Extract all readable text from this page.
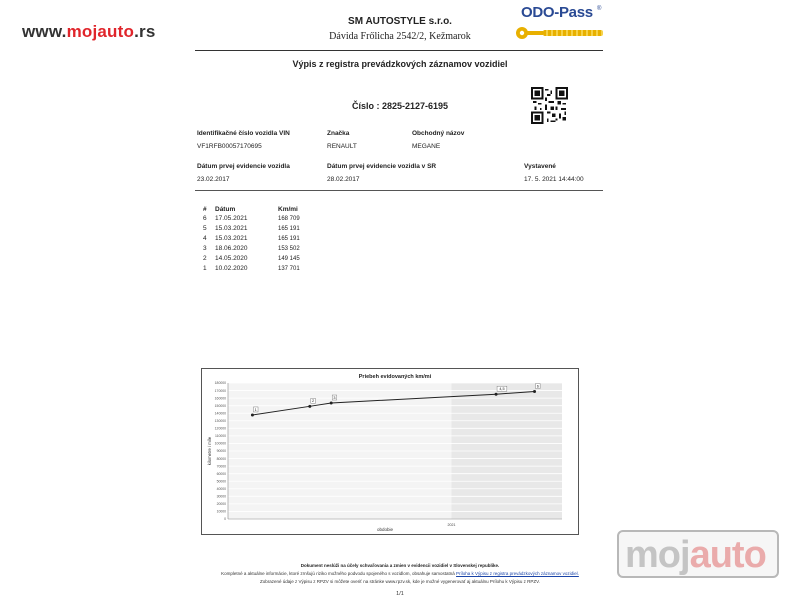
www.mojauto.rs
SM AUTOSTYLE s.r.o.
Dávida Frőlicha 2542/2, Kežmarok
ODO-Pass ®
Výpis z registra prevádzkových záznamov vozidiel
Číslo : 2825-2127-6195
Identifikačné číslo vozidla VIN
VF1RFB00057170695
Značka
RENAULT
Obchodný názov
MEGANE
Dátum prvej evidencie vozidla
23.02.2017
Dátum prvej evidencie vozidla v SR
28.02.2017
Vystavené
17. 5. 2021 14:44:00
#	Dátum	Km/mi
6	17.05.2021	168 709
5	15.03.2021	165 191
4	15.03.2021	165 191
3	18.06.2020	153 502
2	14.05.2020	149 145
1	10.02.2020	137 701
0
10000
20000
30000
40000
50000
60000
70000
80000
90000
100000
110000
120000
130000
140000
150000
160000
170000
180000
Priebeh evidovaných km/mi
obdobie
kilometre / míle
2021
1
2
3
4,5
6
Dokument nesl​úži na účely schvaľovania a zmien v evidencii vozidiel v Slovenskej republike.
Kompletné a aktuálne informácie, ktoré zrnšujú riziko možného podvodu spojeného s vozidlom, obsahuje samostatná Príloha k Výpisu z registra prevádzkových záznamov vozidiel.
Zobrazené údaje z Výpisu z RPZV si môžete overiť na stránke www.rpzv.sk, kde je možné vygenerovať aj aktuálnu Prílohu k Výpisu z RPZV.
1/1
mojauto
